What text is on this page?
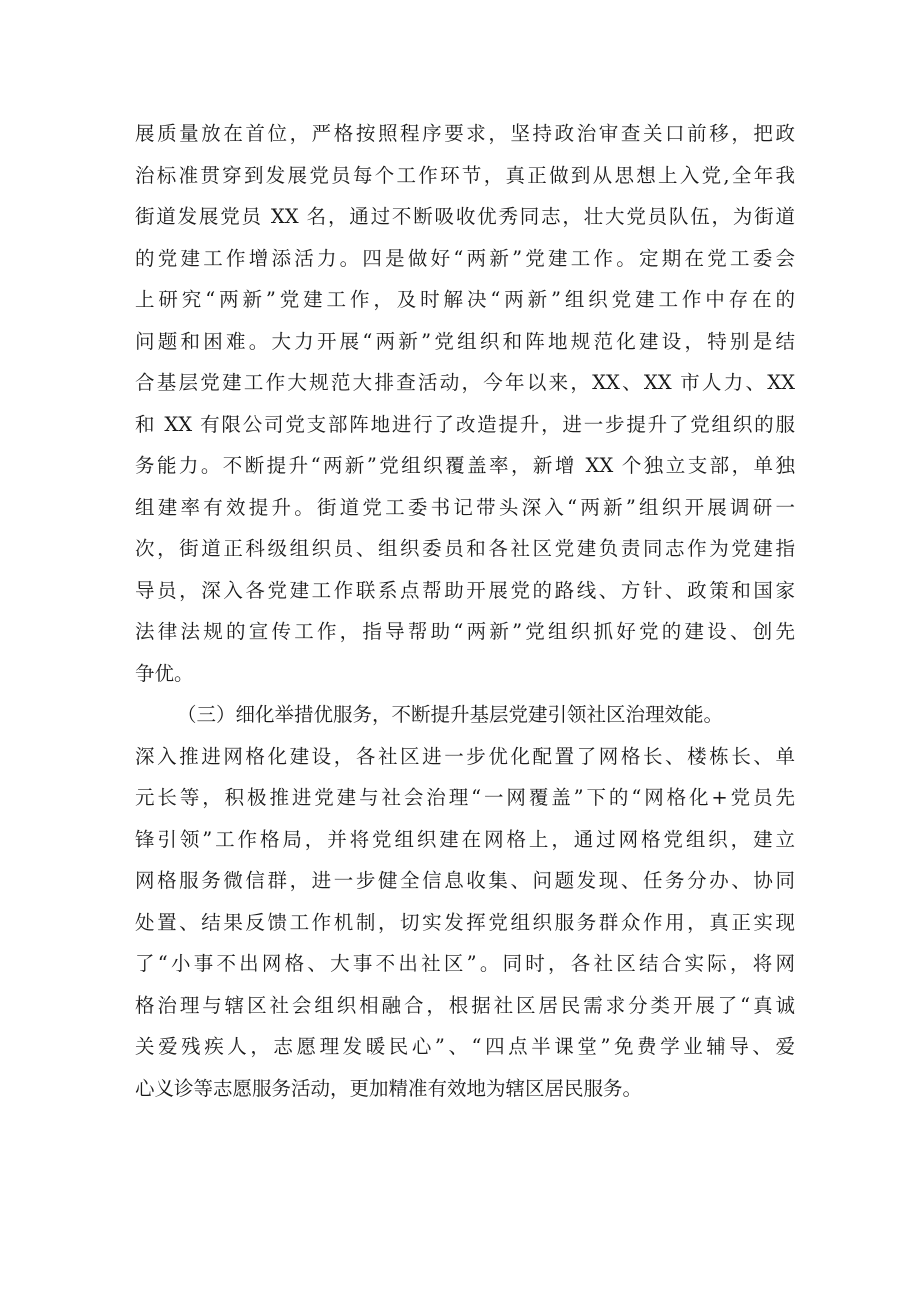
展质量放在首位，严格按照程序要求，坚持政治审查关口前移，把政
治标准贯穿到发展党员每个工作环节，真正做到从思想上入党,全年我
街道发展党员 XX 名，通过不断吸收优秀同志，壮大党员队伍，为街道
的党建工作增添活力。四是做好“两新”党建工作。定期在党工委会
上研究“两新”党建工作，及时解决“两新”组织党建工作中存在的
问题和困难。大力开展“两新”党组织和阵地规范化建设，特别是结
合基层党建工作大规范大排查活动，今年以来，XX、XX 市人力、XX
和 XX 有限公司党支部阵地进行了改造提升，进一步提升了党组织的服
务能力。不断提升“两新”党组织覆盖率，新增 XX 个独立支部，单独
组建率有效提升。街道党工委书记带头深入“两新”组织开展调研一
次，街道正科级组织员、组织委员和各社区党建负责同志作为党建指
导员，深入各党建工作联系点帮助开展党的路线、方针、政策和国家
法律法规的宣传工作，指导帮助“两新”党组织抓好党的建设、创先
争优。
（三）细化举措优服务，不断提升基层党建引领社区治理效能。
深入推进网格化建设，各社区进一步优化配置了网格长、楼栋长、单
元长等，积极推进党建与社会治理“一网覆盖”下的“网格化+党员先
锋引领”工作格局，并将党组织建在网格上，通过网格党组织，建立
网格服务微信群，进一步健全信息收集、问题发现、任务分办、协同
处置、结果反馈工作机制，切实发挥党组织服务群众作用，真正实现
了“小事不出网格、大事不出社区”。同时，各社区结合实际，将网
格治理与辖区社会组织相融合，根据社区居民需求分类开展了“真诚
关爱残疾人，志愿理发暖民心”、“四点半课堂”免费学业辅导、爱
心义诊等志愿服务活动，更加精准有效地为辖区居民服务。
